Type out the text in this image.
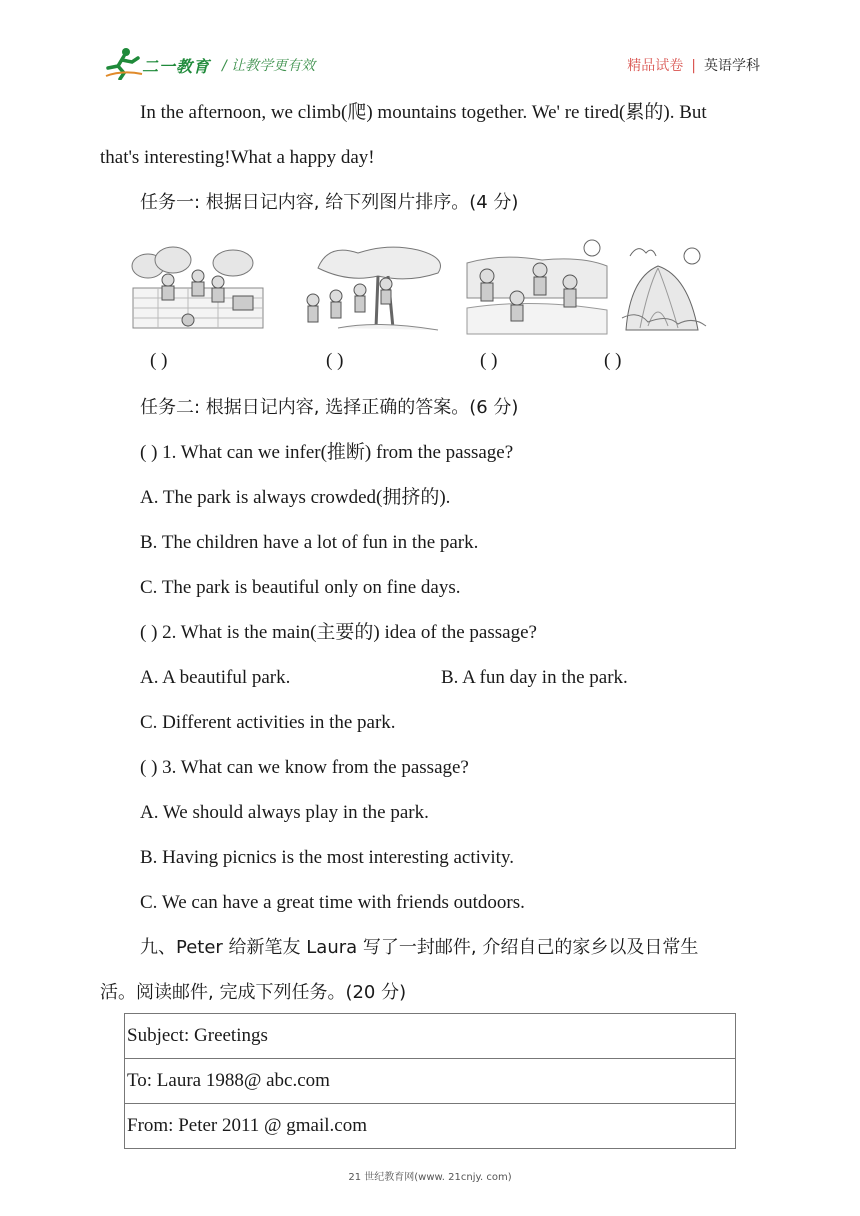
二一教育 / 让教学更有效	精品试卷 | 英语学科
In the afternoon, we climb(爬) mountains together. We' re tired(累的). But
that's interesting!What a happy day!
任务一: 根据日记内容, 给下列图片排序。(4 分)
( )	( )	( )	( )
任务二: 根据日记内容, 选择正确的答案。(6 分)
( ) 1. What can we infer(推断) from the passage?
A. The park is always crowded(拥挤的).
B. The children have a lot of fun in the park.
C. The park is beautiful only on fine days.
( ) 2. What is the main(主要的) idea of the passage?
A. A beautiful park.	B. A fun day in the park.
C. Different activities in the park.
( ) 3. What can we know from the passage?
A. We should always play in the park.
B. Having picnics is the most interesting activity.
C. We can have a great time with friends outdoors.
九、Peter 给新笔友 Laura 写了一封邮件, 介绍自己的家乡以及日常生
活。阅读邮件, 完成下列任务。(20 分)
Subject: Greetings
To: Laura 1988@ abc.com
From: Peter 2011 @ gmail.com
21 世纪教育网(www. 21cnjy. com)
